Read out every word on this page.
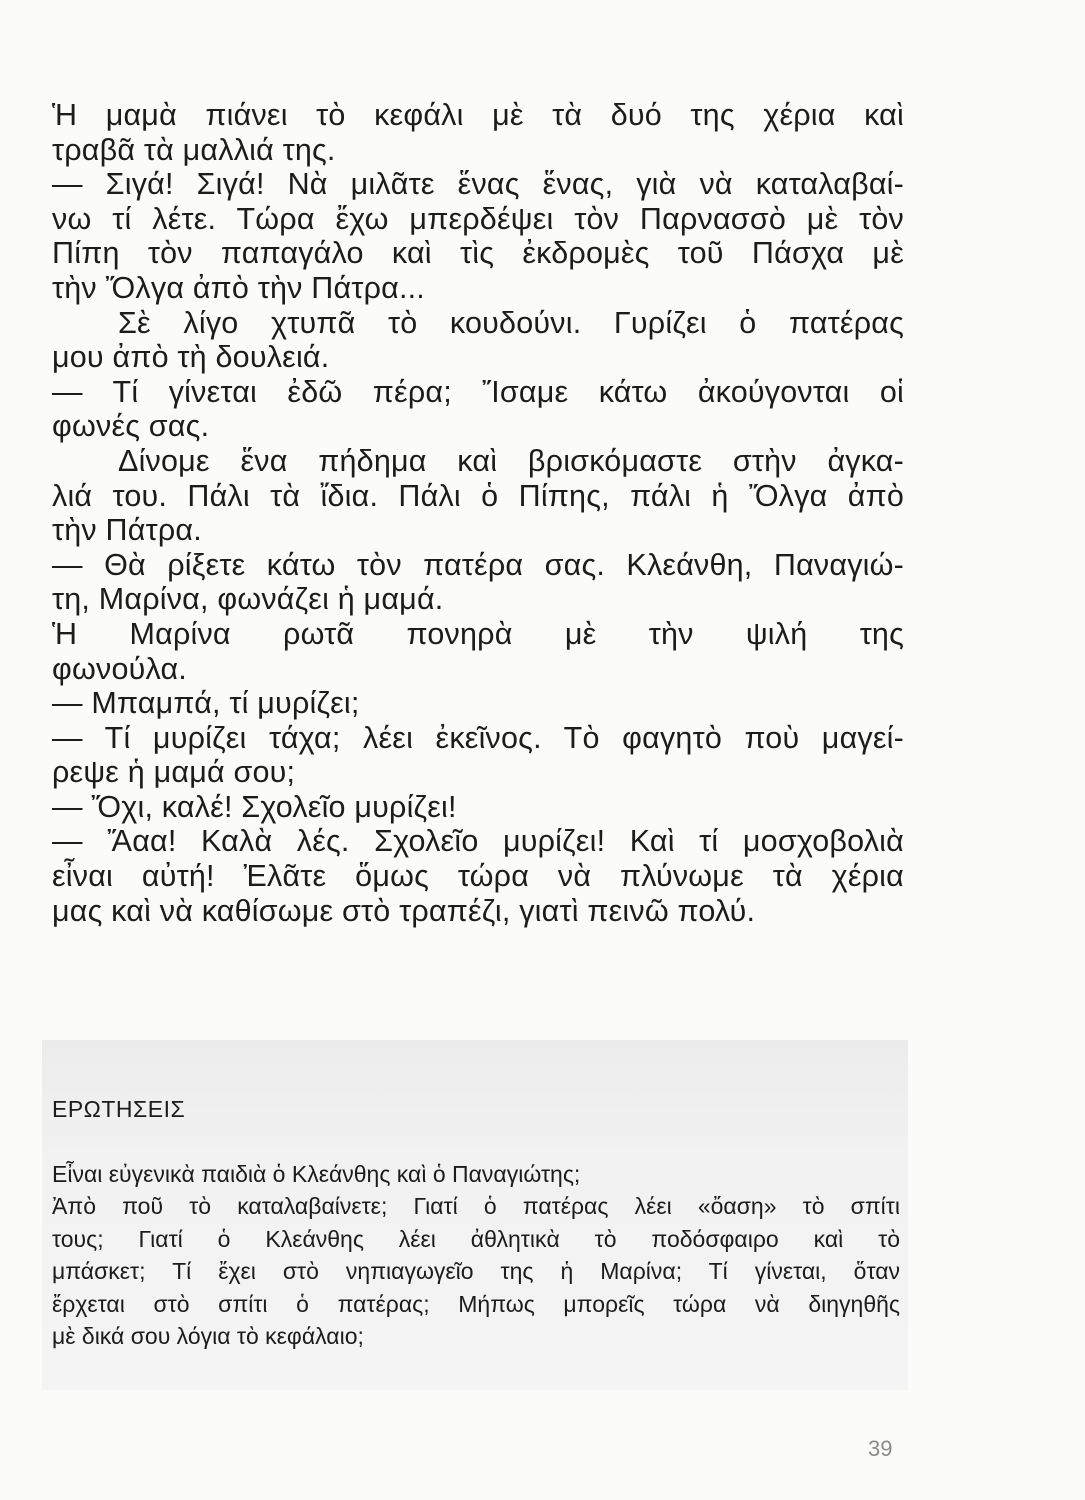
Ἡ μαμὰ πιάνει τὸ κεφάλι μὲ τὰ δυό της χέρια καὶ
τραβᾶ τὰ μαλλιά της.
— Σιγά! Σιγά! Νὰ μιλᾶτε ἕνας ἕνας, γιὰ νὰ καταλαβαί-
νω τί λέτε. Τώρα ἔχω μπερδέψει τὸν Παρνασσὸ μὲ τὸν
Πίπη τὸν παπαγάλο καὶ τὶς ἐκδρομὲς τοῦ Πάσχα μὲ
τὴν Ὄλγα ἀπὸ τὴν Πάτρα...
Σὲ λίγο χτυπᾶ τὸ κουδούνι. Γυρίζει ὁ πατέρας
μου ἀπὸ τὴ δουλειά.
— Τί γίνεται ἐδῶ πέρα; Ἴσαμε κάτω ἀκούγονται οἱ
φωνές σας.
Δίνομε ἕνα πήδημα καὶ βρισκόμαστε στὴν ἀγκα-
λιά του. Πάλι τὰ ἴδια. Πάλι ὁ Πίπης, πάλι ἡ Ὄλγα ἀπὸ
τὴν Πάτρα.
— Θὰ ρίξετε κάτω τὸν πατέρα σας. Κλεάνθη, Παναγιώ-
τη, Μαρίνα, φωνάζει ἡ μαμά.
Ἡ Μαρίνα ρωτᾶ πονηρὰ μὲ τὴν ψιλή της
φωνούλα.
— Μπαμπά, τί μυρίζει;
— Τί μυρίζει τάχα; λέει ἐκεῖνος. Τὸ φαγητὸ ποὺ μαγεί-
ρεψε ἡ μαμά σου;
— Ὄχι, καλέ! Σχολεῖο μυρίζει!
— Ἄαα! Καλὰ λές. Σχολεῖο μυρίζει! Καὶ τί μοσχοβολιὰ
εἶναι αὐτή! Ἐλᾶτε ὅμως τώρα νὰ πλύνωμε τὰ χέρια
μας καὶ νὰ καθίσωμε στὸ τραπέζι, γιατὶ πεινῶ πολύ.
ΕΡΩΤΗΣΕΙΣ
Εἶναι εὐγενικὰ παιδιὰ ὁ Κλεάνθης καὶ ὁ Παναγιώτης;
Ἀπὸ ποῦ τὸ καταλαβαίνετε; Γιατί ὁ πατέρας λέει «ὄαση» τὸ σπίτι
τους; Γιατί ὁ Κλεάνθης λέει ἀθλητικὰ τὸ ποδόσφαιρο καὶ τὸ
μπάσκετ; Τί ἔχει στὸ νηπιαγωγεῖο της ἡ Μαρίνα; Τί γίνεται, ὅταν
ἔρχεται στὸ σπίτι ὁ πατέρας; Μήπως μπορεῖς τώρα νὰ διηγηθῆς
μὲ δικά σου λόγια τὸ κεφάλαιο;
39
